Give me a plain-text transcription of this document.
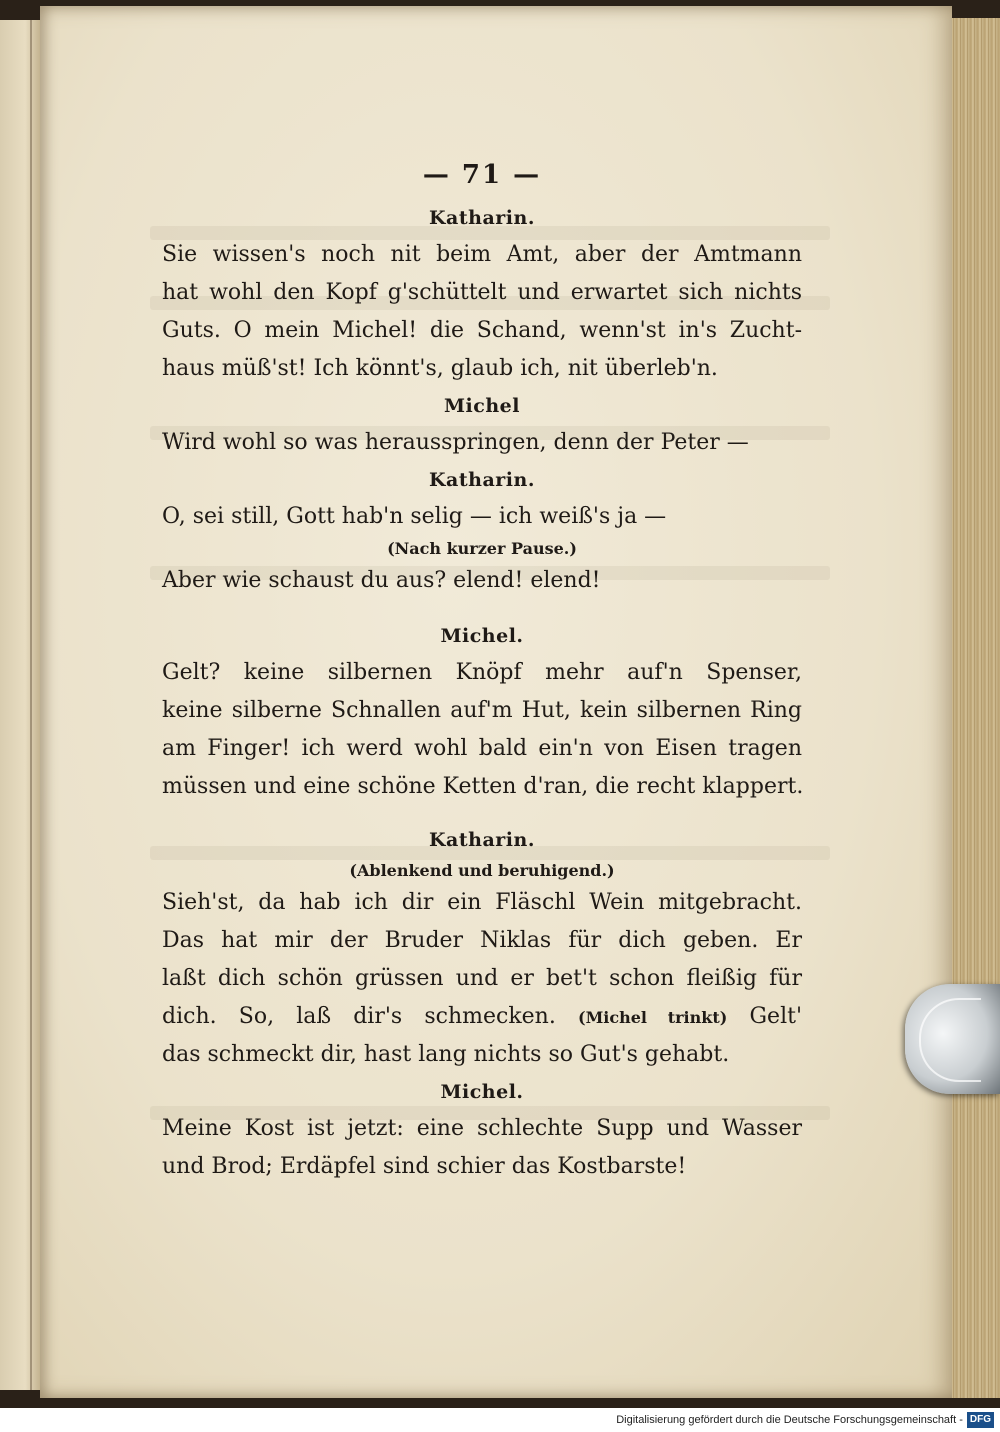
— 71 —
Katharin.
Sie wissen's noch nit beim Amt, aber der Amtmann
hat wohl den Kopf g'schüttelt und erwartet sich nichts
Guts. O mein Michel! die Schand, wenn'st in's Zucht-
haus müß'st! Ich könnt's, glaub ich, nit überleb'n.
Michel
Wird wohl so was herausspringen, denn der Peter —
Katharin.
O, sei still, Gott hab'n selig — ich weiß's ja —
(Nach kurzer Pause.)
Aber wie schaust du aus? elend! elend!
Michel.
Gelt? keine silbernen Knöpf mehr auf'n Spenser,
keine silberne Schnallen auf'm Hut, kein silbernen Ring
am Finger! ich werd wohl bald ein'n von Eisen tragen
müssen und eine schöne Ketten d'ran, die recht klappert.
Katharin.
(Ablenkend und beruhigend.)
Sieh'st, da hab ich dir ein Fläschl Wein mitgebracht.
Das hat mir der Bruder Niklas für dich geben. Er
laßt dich schön grüssen und er bet't schon fleißig für
dich. So, laß dir's schmecken. (Michel trinkt) Gelt'
das schmeckt dir, hast lang nichts so Gut's gehabt.
Michel.
Meine Kost ist jetzt: eine schlechte Supp und Wasser
und Brod; Erdäpfel sind schier das Kostbarste!
Digitalisierung gefördert durch die Deutsche Forschungsgemeinschaft - DFG
